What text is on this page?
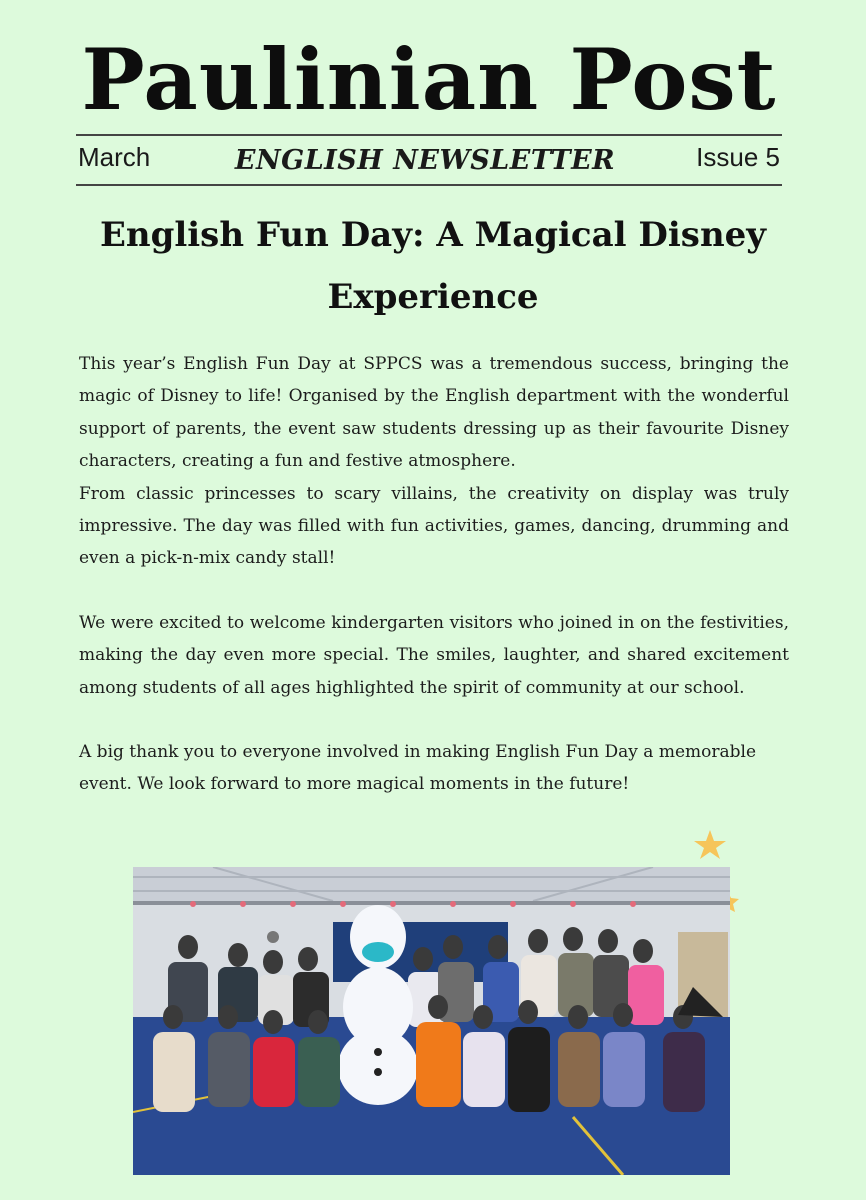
Paulinian Post
March	ENGLISH NEWSLETTER	Issue 5
English Fun Day: A Magical Disney Experience

This year’s English Fun Day at SPPCS was a tremendous success, bringing the magic of Disney to life! Organised by the English department with the wonderful support of parents, the event saw students dressing up as their favourite Disney characters, creating a fun and festive atmosphere.

From classic princesses to scary villains, the creativity on display was truly impressive. The day was filled with fun activities, games, dancing, drumming and even a pick-n-mix candy stall!

We were excited to welcome kindergarten visitors who joined in on the festivities, making the day even more special. The smiles, laughter, and shared excitement among students of all ages highlighted the spirit of community at our school.

A big thank you to everyone involved in making English Fun Day a memorable event. We look forward to more magical moments in the future!
